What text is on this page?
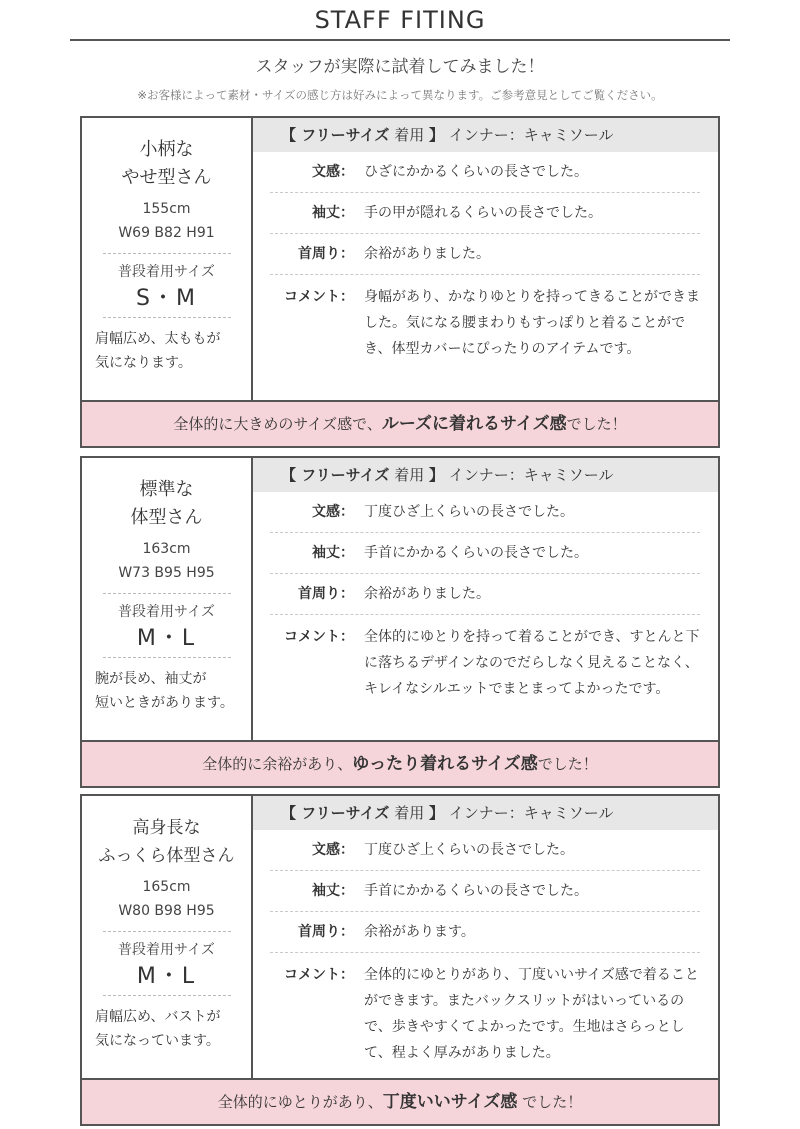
STAFF FITING
スタッフが実際に試着してみました！
※お客様によって素材・サイズの感じ方は好みによって異なります。ご参考意見としてご覧ください。
小柄な
やせ型さん
155cm
W69 B82 H91
普段着用サイズ
S・M
肩幅広め、太ももが
気になります。
【 フリーサイズ 着用 】 インナー：キャミソール
文感： ひざにかかるくらいの長さでした。
袖丈： 手の甲が隠れるくらいの長さでした。
首周り： 余裕がありました。
コメント： 身幅があり、かなりゆとりを持ってきることができました。気になる腰まわりもすっぽりと着ることができ、体型カバーにぴったりのアイテムです。
全体的に大きめのサイズ感で、ルーズに着れるサイズ感でした！
標準な
体型さん
163cm
W73 B95 H95
普段着用サイズ
M・L
腕が長め、袖丈が
短いときがあります。
【 フリーサイズ 着用 】 インナー：キャミソール
文感： 丁度ひざ上くらいの長さでした。
袖丈： 手首にかかるくらいの長さでした。
首周り： 余裕がありました。
コメント： 全体的にゆとりを持って着ることができ、すとんと下に落ちるデザインなのでだらしなく見えることなく、キレイなシルエットでまとまってよかったです。
全体的に余裕があり、ゆったり着れるサイズ感でした！
高身長な
ふっくら体型さん
165cm
W80 B98 H95
普段着用サイズ
M・L
肩幅広め、バストが
気になっています。
【 フリーサイズ 着用 】 インナー：キャミソール
文感： 丁度ひざ上くらいの長さでした。
袖丈： 手首にかかるくらいの長さでした。
首周り： 余裕があります。
コメント： 全体的にゆとりがあり、丁度いいサイズ感で着ることができます。またバックスリットがはいっているので、歩きやすくてよかったです。生地はさらっとして、程よく厚みがありました。
全体的にゆとりがあり、丁度いいサイズ感 でした！
